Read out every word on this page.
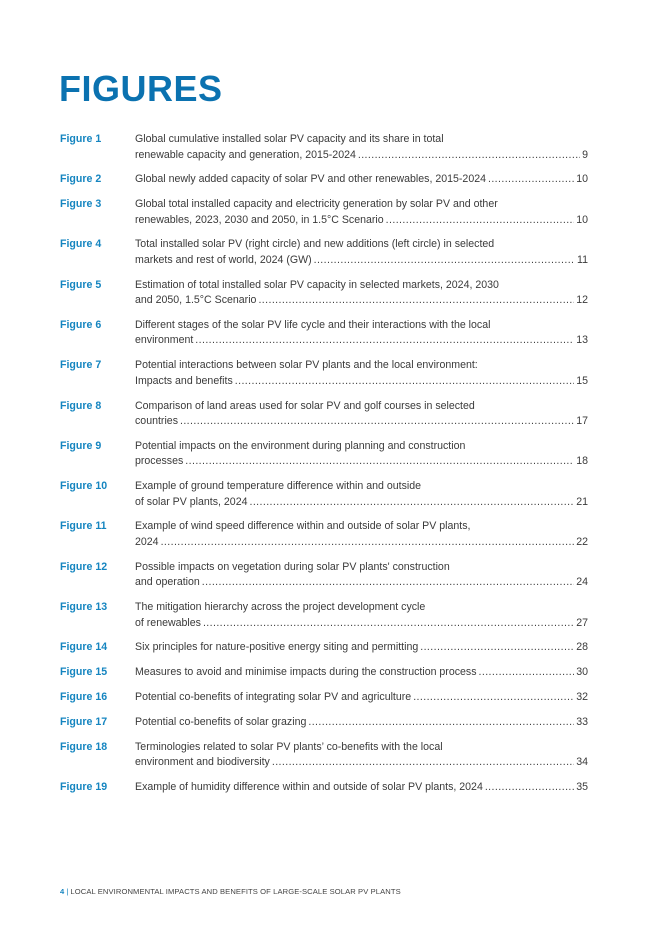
FIGURES
Figure 1	Global cumulative installed solar PV capacity and its share in total
renewable capacity and generation, 2015-2024 .....	9
Figure 2	Global newly added capacity of solar PV and other renewables, 2015-2024 .....	10
Figure 3	Global total installed capacity and electricity generation by solar PV and other
renewables, 2023, 2030 and 2050, in 1.5°C Scenario .....	10
Figure 4	Total installed solar PV (right circle) and new additions (left circle) in selected
markets and rest of world, 2024 (GW) .....	11
Figure 5	Estimation of total installed solar PV capacity in selected markets, 2024, 2030
and 2050, 1.5°C Scenario .....	12
Figure 6	Different stages of the solar PV life cycle and their interactions with the local
environment .....	13
Figure 7	Potential interactions between solar PV plants and the local environment:
Impacts and benefits .....	15
Figure 8	Comparison of land areas used for solar PV and golf courses in selected
countries .....	17
Figure 9	Potential impacts on the environment during planning and construction
processes .....	18
Figure 10	Example of ground temperature difference within and outside
of solar PV plants, 2024 .....	21
Figure 11	Example of wind speed difference within and outside of solar PV plants,
2024 .....	22
Figure 12	Possible impacts on vegetation during solar PV plants' construction
and operation .....	24
Figure 13	The mitigation hierarchy across the project development cycle
of renewables .....	27
Figure 14	Six principles for nature-positive energy siting and permitting .....	28
Figure 15	Measures to avoid and minimise impacts during the construction process .....	30
Figure 16	Potential co-benefits of integrating solar PV and agriculture .....	32
Figure 17	Potential co-benefits of solar grazing .....	33
Figure 18	Terminologies related to solar PV plants’ co-benefits with the local
environment and biodiversity .....	34
Figure 19	Example of humidity difference within and outside of solar PV plants, 2024 .....	35
4 | LOCAL ENVIRONMENTAL IMPACTS AND BENEFITS OF LARGE-SCALE SOLAR PV PLANTS
